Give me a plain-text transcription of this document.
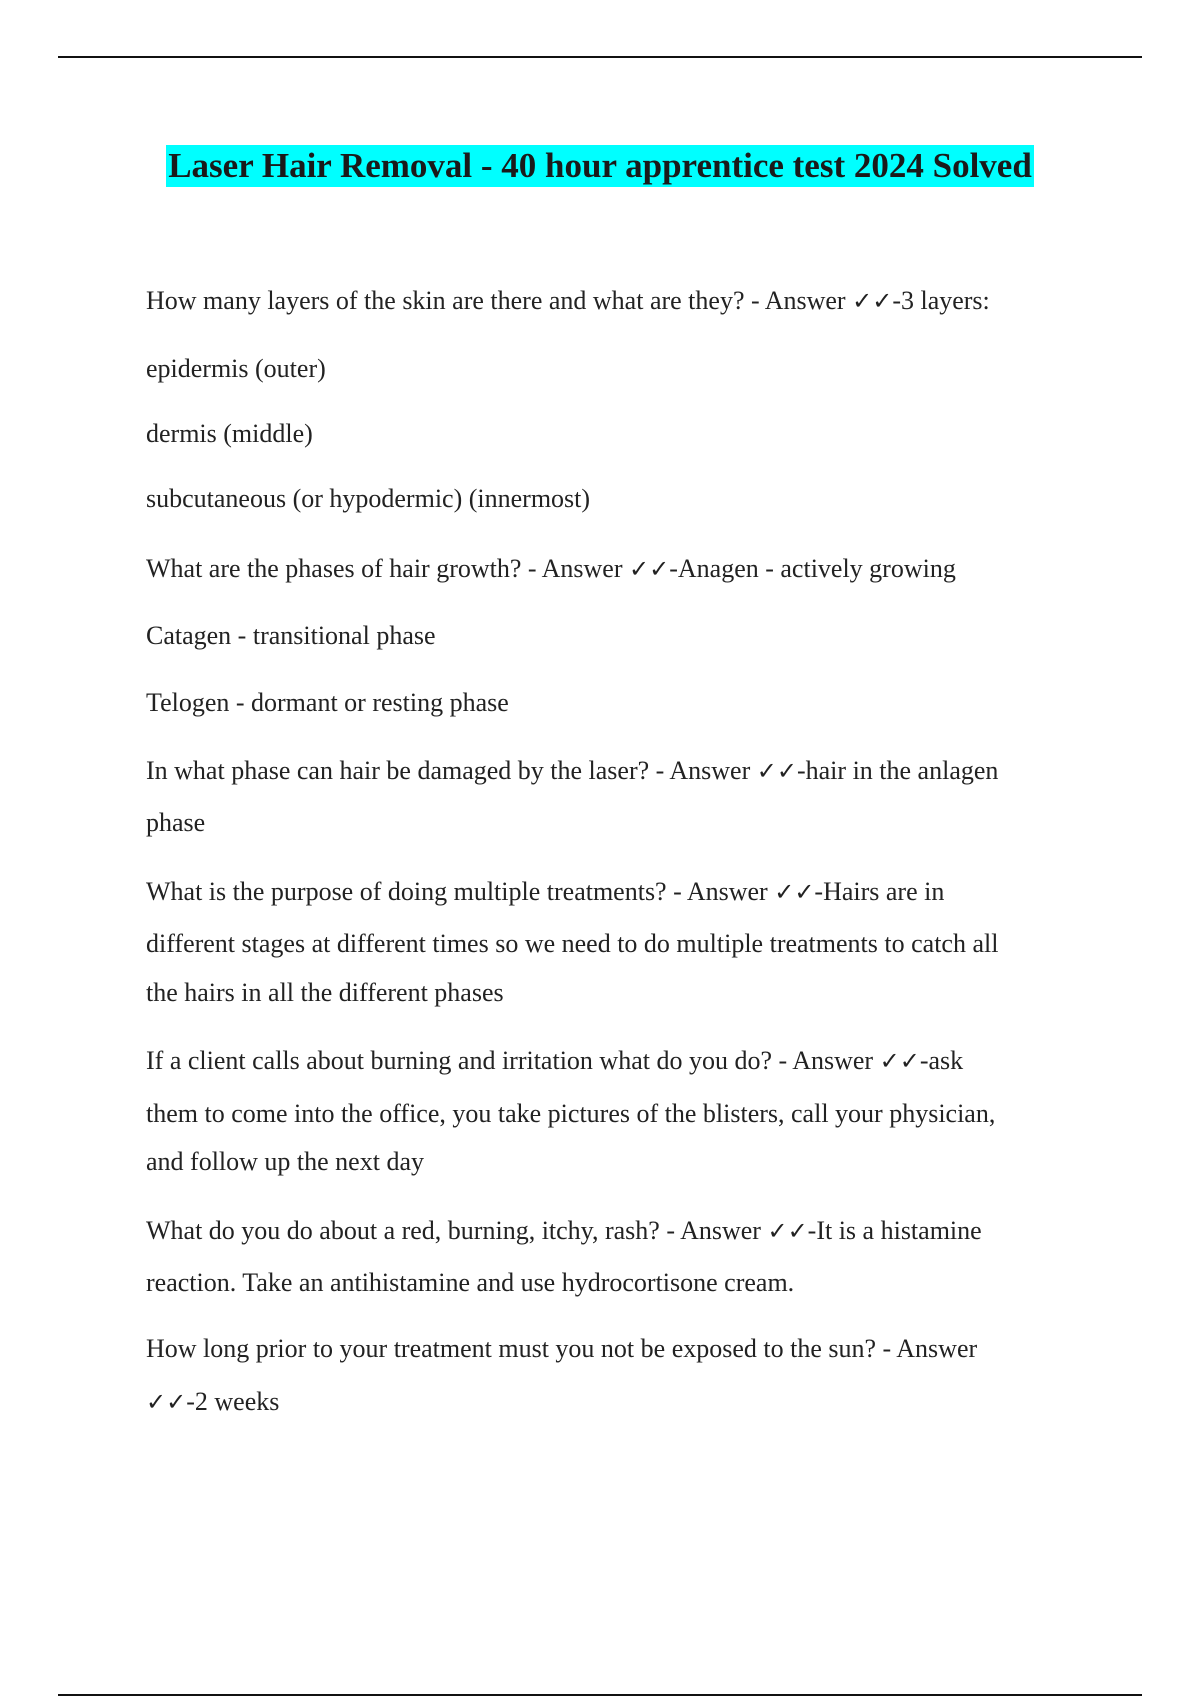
Laser Hair Removal - 40 hour apprentice test 2024 Solved
How many layers of the skin are there and what are they? - Answer ✓✓-3 layers:
epidermis (outer)
dermis (middle)
subcutaneous (or hypodermic) (innermost)
What are the phases of hair growth? - Answer ✓✓-Anagen - actively growing
Catagen - transitional phase
Telogen - dormant or resting phase
In what phase can hair be damaged by the laser? - Answer ✓✓-hair in the anlagen
phase
What is the purpose of doing multiple treatments? - Answer ✓✓-Hairs are in
different stages at different times so we need to do multiple treatments to catch all
the hairs in all the different phases
If a client calls about burning and irritation what do you do? - Answer ✓✓-ask
them to come into the office, you take pictures of the blisters, call your physician,
and follow up the next day
What do you do about a red, burning, itchy, rash? - Answer ✓✓-It is a histamine
reaction. Take an antihistamine and use hydrocortisone cream.
How long prior to your treatment must you not be exposed to the sun? - Answer
✓✓-2 weeks
